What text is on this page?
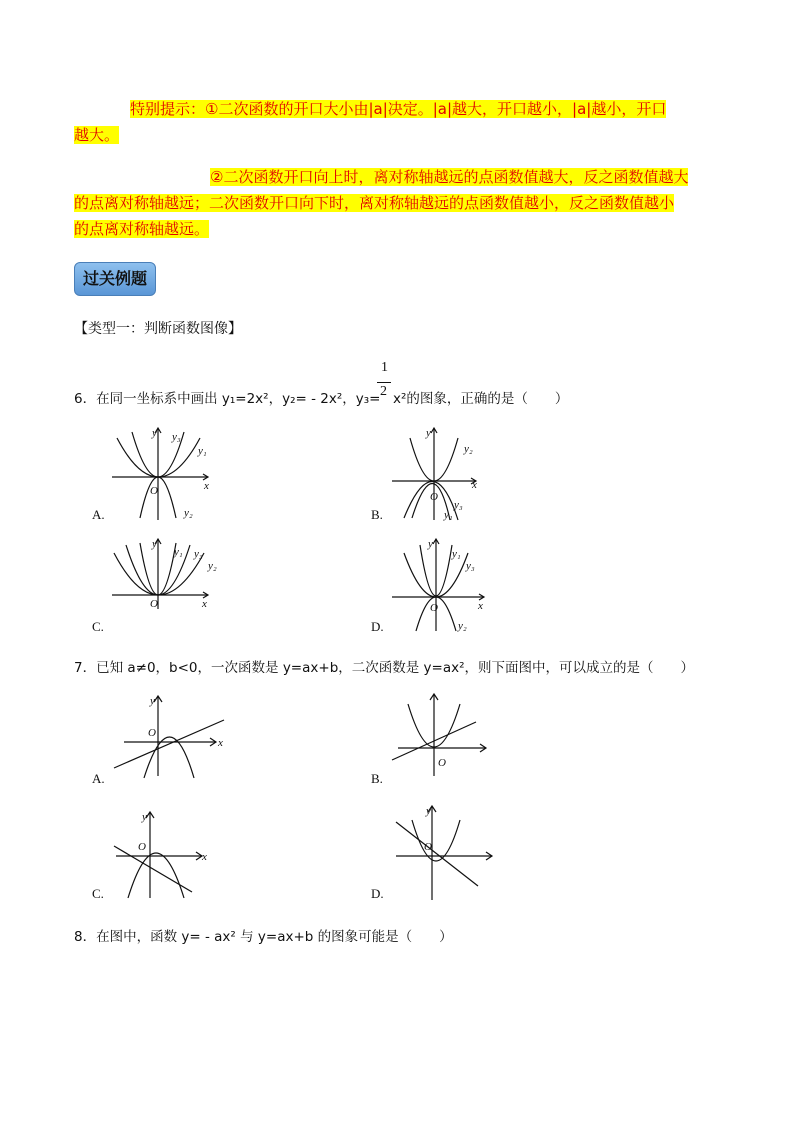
特别提示：①二次函数的开口大小由|a|决定。|a|越大，开口越小，|a|越小，开口
越大。
②二次函数开口向上时，离对称轴越远的点函数值越大，反之函数值越大
的点离对称轴越远；二次函数开口向下时，离对称轴越远的点函数值越小，反之函数值越小
的点离对称轴越远。
过关例题
【类型一：判断函数图像】
6．在同一坐标系中画出 y₁=2x²，y₂= - 2x²，y₃=
1
2 x²的图象，正确的是（　　）
y y₃
y₁
x
O
y₂
A.
y
y₂
x
O
y₁
y₃
B.
y
y₁ y₃
y₂
x
O
C.
y
y₁
y₃
x
O
y₂
D.
7．已知 a≠0，b<0，一次函数是 y=ax+b，二次函数是 y=ax²，则下面图中，可以成立的是（　　）
y
x
O
A.
O
B.
y
x
O
C.
y
O
D.
8．在图中，函数 y= - ax² 与 y=ax+b 的图象可能是（　　）
